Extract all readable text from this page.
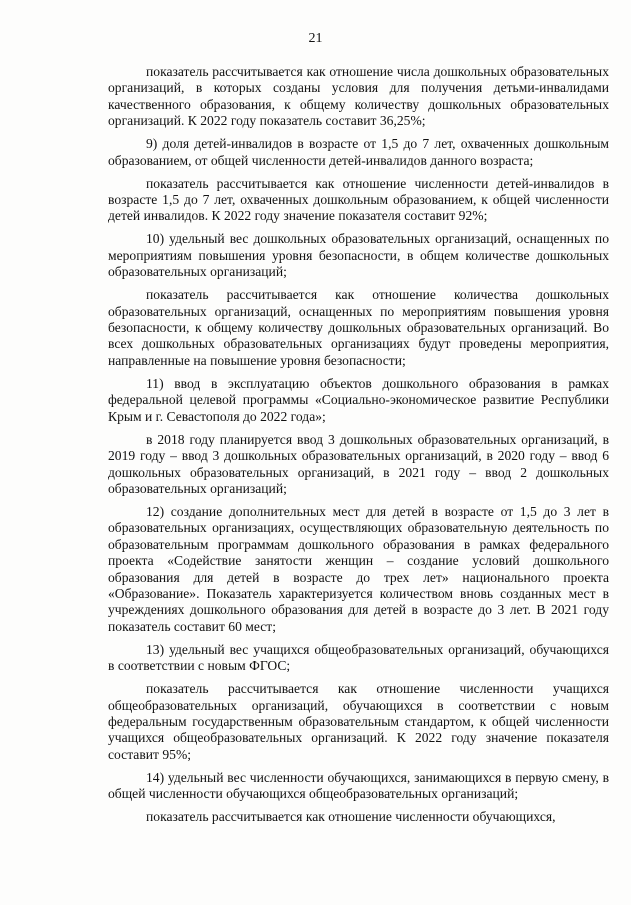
21

показатель рассчитывается как отношение числа дошкольных образовательных организаций, в которых созданы условия для получения детьми-инвалидами качественного образования, к общему количеству дошкольных образовательных организаций. К 2022 году показатель составит 36,25%;

9) доля детей-инвалидов в возрасте от 1,5 до 7 лет, охваченных дошкольным образованием, от общей численности детей-инвалидов данного возраста;

показатель рассчитывается как отношение численности детей-инвалидов в возрасте 1,5 до 7 лет, охваченных дошкольным образованием, к общей численности детей инвалидов. К 2022 году значение показателя составит 92%;

10) удельный вес дошкольных образовательных организаций, оснащенных по мероприятиям повышения уровня безопасности, в общем количестве дошкольных образовательных организаций;

показатель рассчитывается как отношение количества дошкольных образовательных организаций, оснащенных по мероприятиям повышения уровня безопасности, к общему количеству дошкольных образовательных организаций. Во всех дошкольных образовательных организациях будут проведены мероприятия, направленные на повышение уровня безопасности;

11) ввод в эксплуатацию объектов дошкольного образования в рамках федеральной целевой программы «Социально-экономическое развитие Республики Крым и г. Севастополя до 2022 года»;

в 2018 году планируется ввод 3 дошкольных образовательных организаций, в 2019 году – ввод 3 дошкольных образовательных организаций, в 2020 году – ввод 6 дошкольных образовательных организаций, в 2021 году – ввод 2 дошкольных образовательных организаций;

12) создание дополнительных мест для детей в возрасте от 1,5 до 3 лет в образовательных организациях, осуществляющих образовательную деятельность по образовательным программам дошкольного образования в рамках федерального проекта «Содействие занятости женщин – создание условий дошкольного образования для детей в возрасте до трех лет» национального проекта «Образование». Показатель характеризуется количеством вновь созданных мест в учреждениях дошкольного образования для детей в возрасте до 3 лет. В 2021 году показатель составит 60 мест;

13) удельный вес учащихся общеобразовательных организаций, обучающихся в соответствии с новым ФГОС;

показатель рассчитывается как отношение численности учащихся общеобразовательных организаций, обучающихся в соответствии с новым федеральным государственным образовательным стандартом, к общей численности учащихся общеобразовательных организаций. К 2022 году значение показателя составит 95%;

14) удельный вес численности обучающихся, занимающихся в первую смену, в общей численности обучающихся общеобразовательных организаций;

показатель рассчитывается как отношение численности обучающихся,
